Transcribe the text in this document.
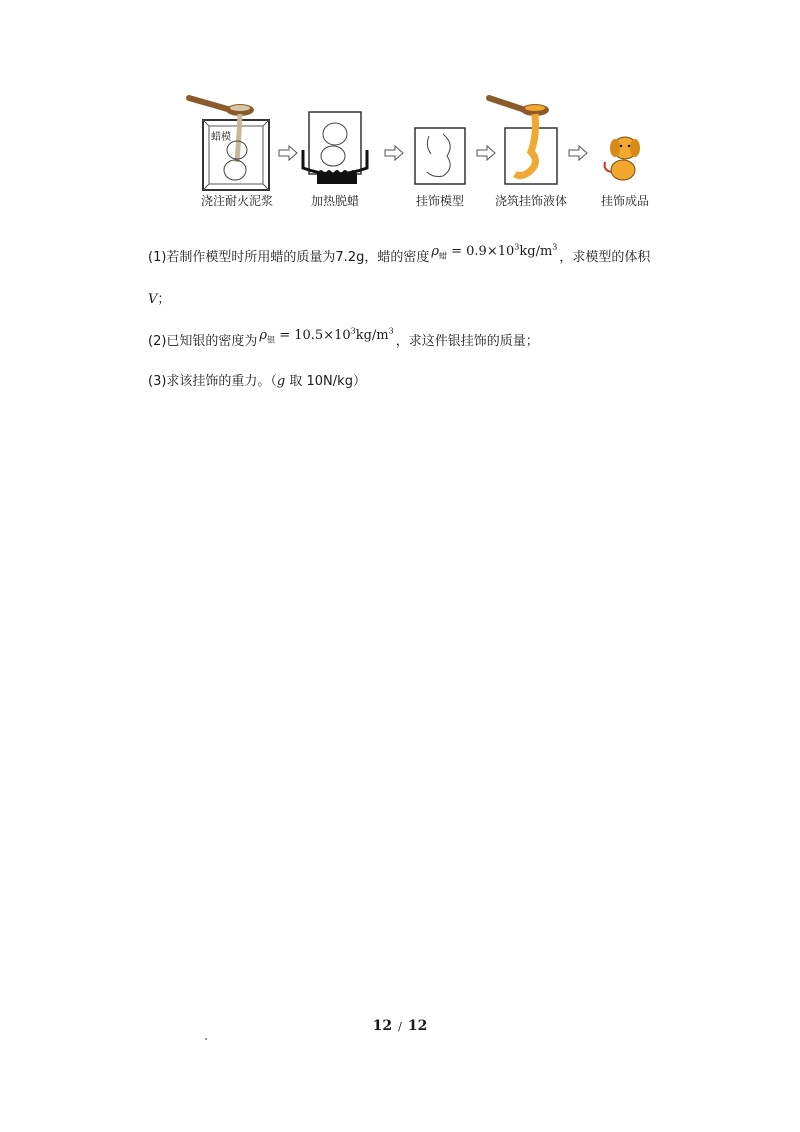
浇注耐火泥浆	加热脱蜡	挂饰模型	浇筑挂饰液体	挂饰成品
蜡模
(1)若制作模型时所用蜡的质量为7.2g，蜡的密度 $\rho_蜡 = 0.9\times 10^3kg/m^3$，求模型的体积
V；
(2)已知银的密度为 $\rho_银 = 10.5\times 10^3kg/m^3$，求这件银挂饰的质量；
(3)求该挂饰的重力。（g 取 10N/kg）
12 / 12
